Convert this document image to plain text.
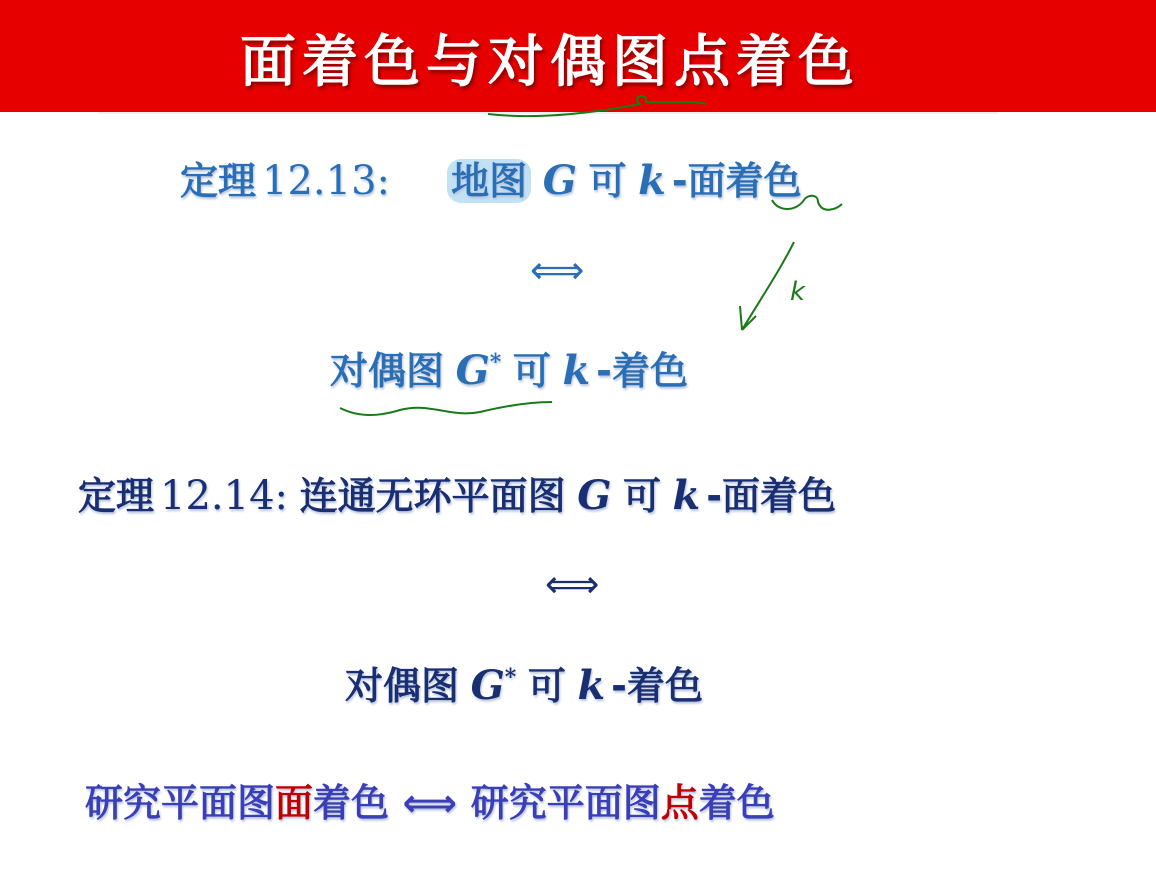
面着色与对偶图点着色
定理 12.13: 地图 G 可 k -面着色
⟺
对偶图 G* 可 k -着色
定理 12.14: 连通无环平面图 G 可 k -面着色
⟺
对偶图 G* 可 k -着色
研究平面图面着色 ⟺ 研究平面图点着色
k
